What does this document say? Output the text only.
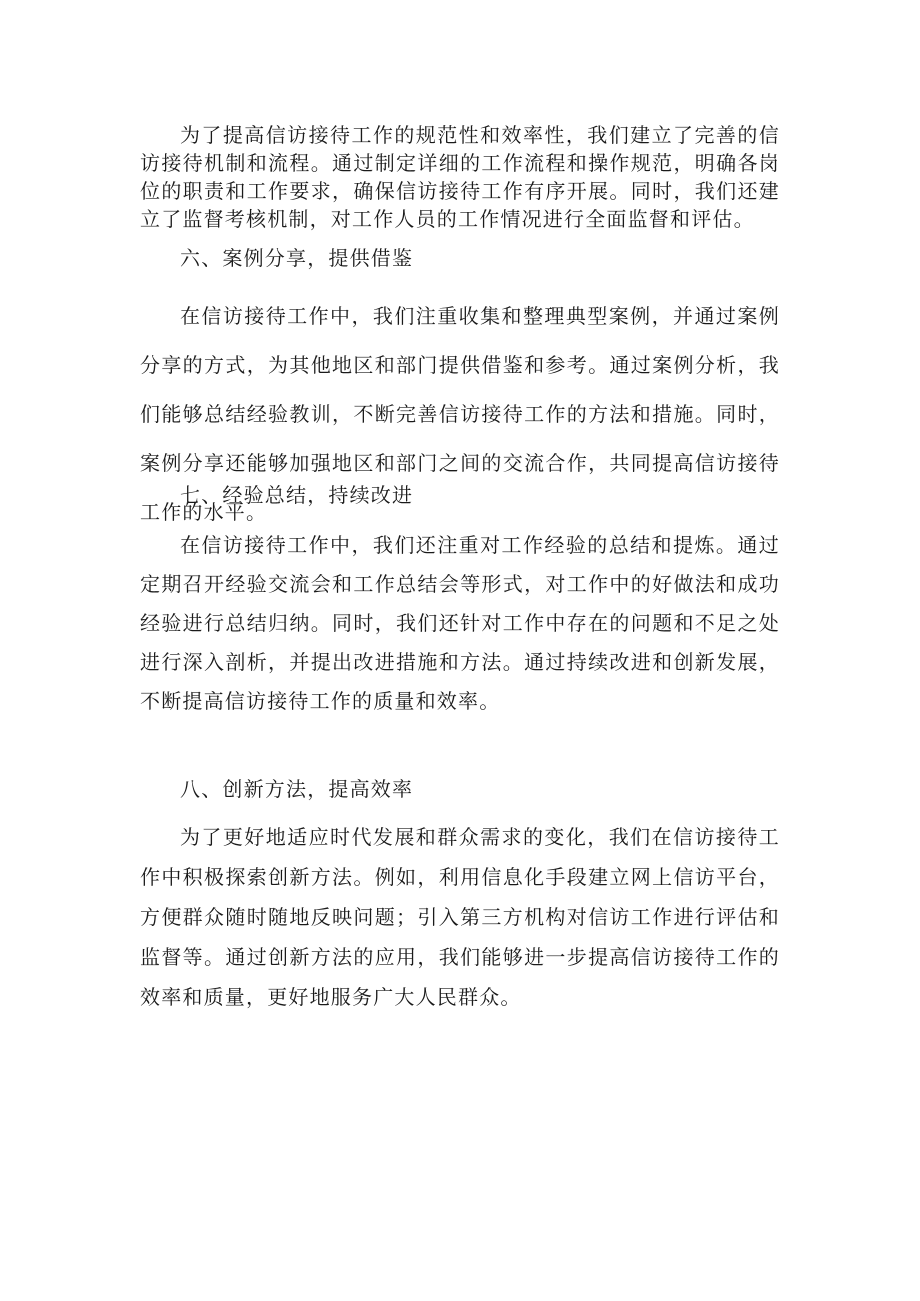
为了提高信访接待工作的规范性和效率性，我们建立了完善的信访接待机制和流程。通过制定详细的工作流程和操作规范，明确各岗位的职责和工作要求，确保信访接待工作有序开展。同时，我们还建立了监督考核机制，对工作人员的工作情况进行全面监督和评估。

六、案例分享，提供借鉴

在信访接待工作中，我们注重收集和整理典型案例，并通过案例分享的方式，为其他地区和部门提供借鉴和参考。通过案例分析，我们能够总结经验教训，不断完善信访接待工作的方法和措施。同时，案例分享还能够加强地区和部门之间的交流合作，共同提高信访接待工作的水平。

七、经验总结，持续改进

在信访接待工作中，我们还注重对工作经验的总结和提炼。通过定期召开经验交流会和工作总结会等形式，对工作中的好做法和成功经验进行总结归纳。同时，我们还针对工作中存在的问题和不足之处进行深入剖析，并提出改进措施和方法。通过持续改进和创新发展，不断提高信访接待工作的质量和效率。

八、创新方法，提高效率

为了更好地适应时代发展和群众需求的变化，我们在信访接待工作中积极探索创新方法。例如，利用信息化手段建立网上信访平台，方便群众随时随地反映问题；引入第三方机构对信访工作进行评估和监督等。通过创新方法的应用，我们能够进一步提高信访接待工作的效率和质量，更好地服务广大人民群众。
